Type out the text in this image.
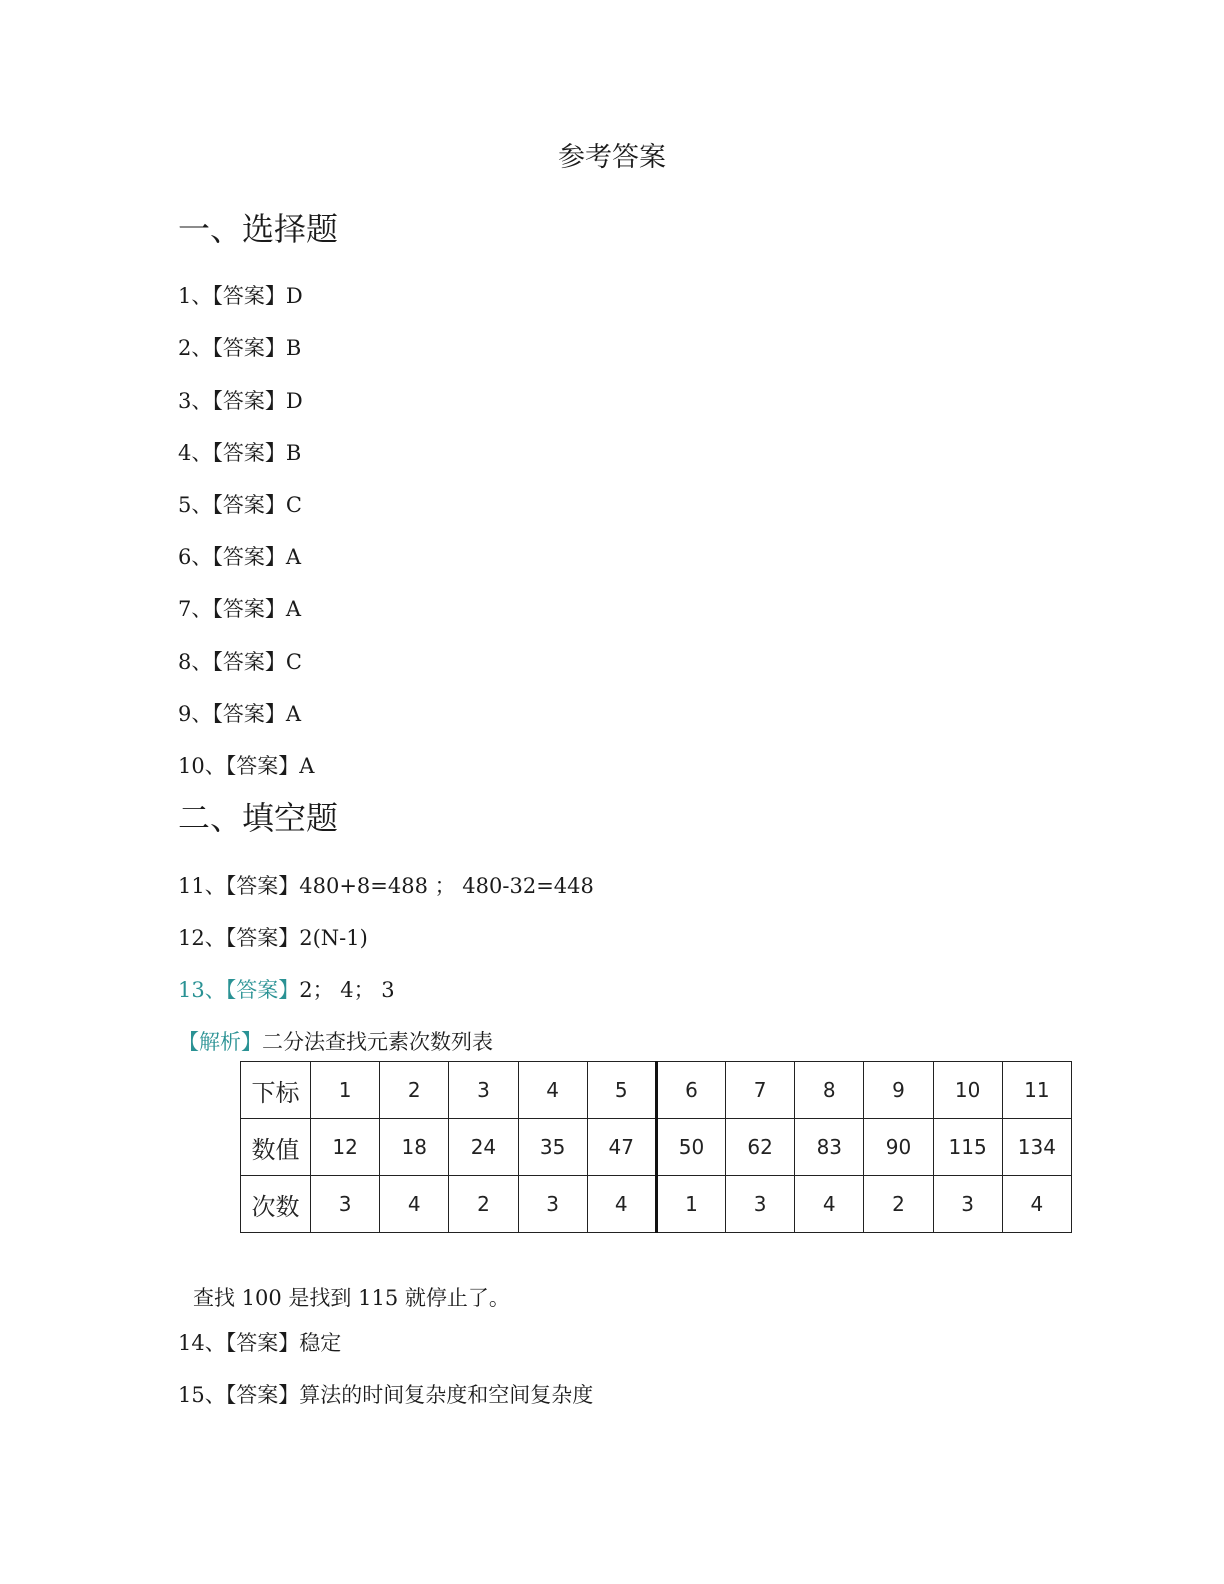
参考答案
一、选择题
1、【答案】D
2、【答案】B
3、【答案】D
4、【答案】B
5、【答案】C
6、【答案】A
7、【答案】A
8、【答案】C
9、【答案】A
10、【答案】A
二、填空题
11、【答案】480+8=488 ； 480-32=448
12、【答案】2(N-1)
13、【答案】2； 4； 3
【解析】二分法查找元素次数列表
下标	1	2	3	4	5	6	7	8	9	10	11
数值	12	18	24	35	47	50	62	83	90	115	134
次数	3	4	2	3	4	1	3	4	2	3	4
查找 100 是找到 115 就停止了。
14、【答案】稳定
15、【答案】算法的时间复杂度和空间复杂度
